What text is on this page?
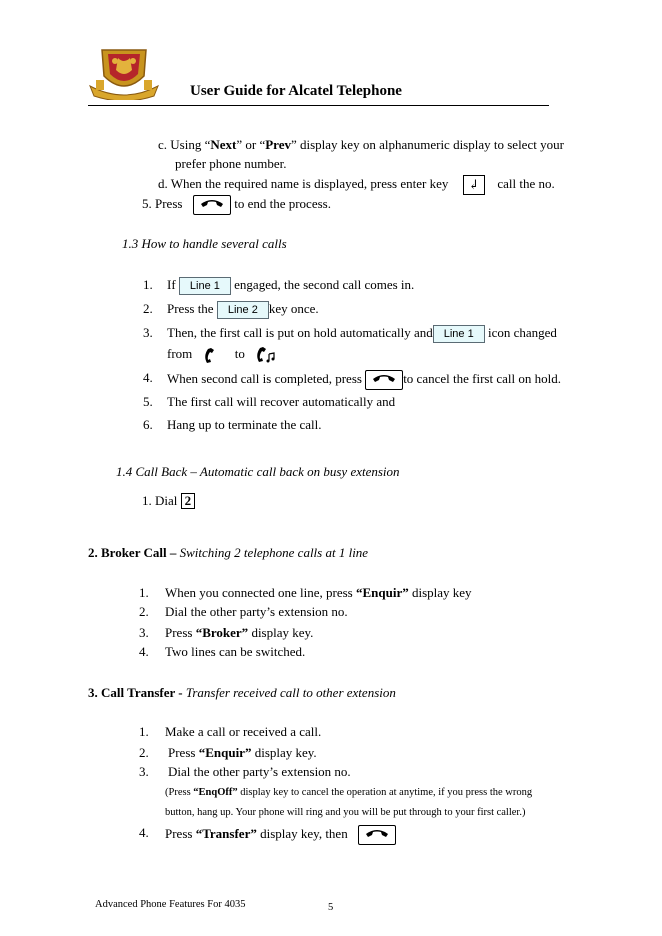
User Guide for Alcatel Telephone
c. Using “Next” or “Prev” display key on alphanumeric display to select your
prefer phone number.
d. When the required name is displayed, press enter key ↲ call the no.
5. Press	to end the process.
1.3 How to handle several calls
1. If Line 1 engaged, the second call comes in.
2. Press the Line 2 key once.
3. Then, the first call is put on hold automatically and Line 1 icon changed
from	to
4. When second call is completed, press	to cancel the first call on hold.
5. The first call will recover automatically and
6. Hang up to terminate the call.
1.4 Call Back – Automatic call back on busy extension
1. Dial 2
2. Broker Call – Switching 2 telephone calls at 1 line
1. When you connected one line, press “Enquir” display key
2. Dial the other party’s extension no.
3. Press “Broker” display key.
4. Two lines can be switched.
3. Call Transfer - Transfer received call to other extension
1. Make a call or received a call.
2. Press “Enquir” display key.
3. Dial the other party’s extension no.
(Press “EnqOff” display key to cancel the operation at anytime, if you press the wrong
button, hang up. Your phone will ring and you will be put through to your first caller.)
4. Press “Transfer” display key, then
Advanced Phone Features For 4035	5
